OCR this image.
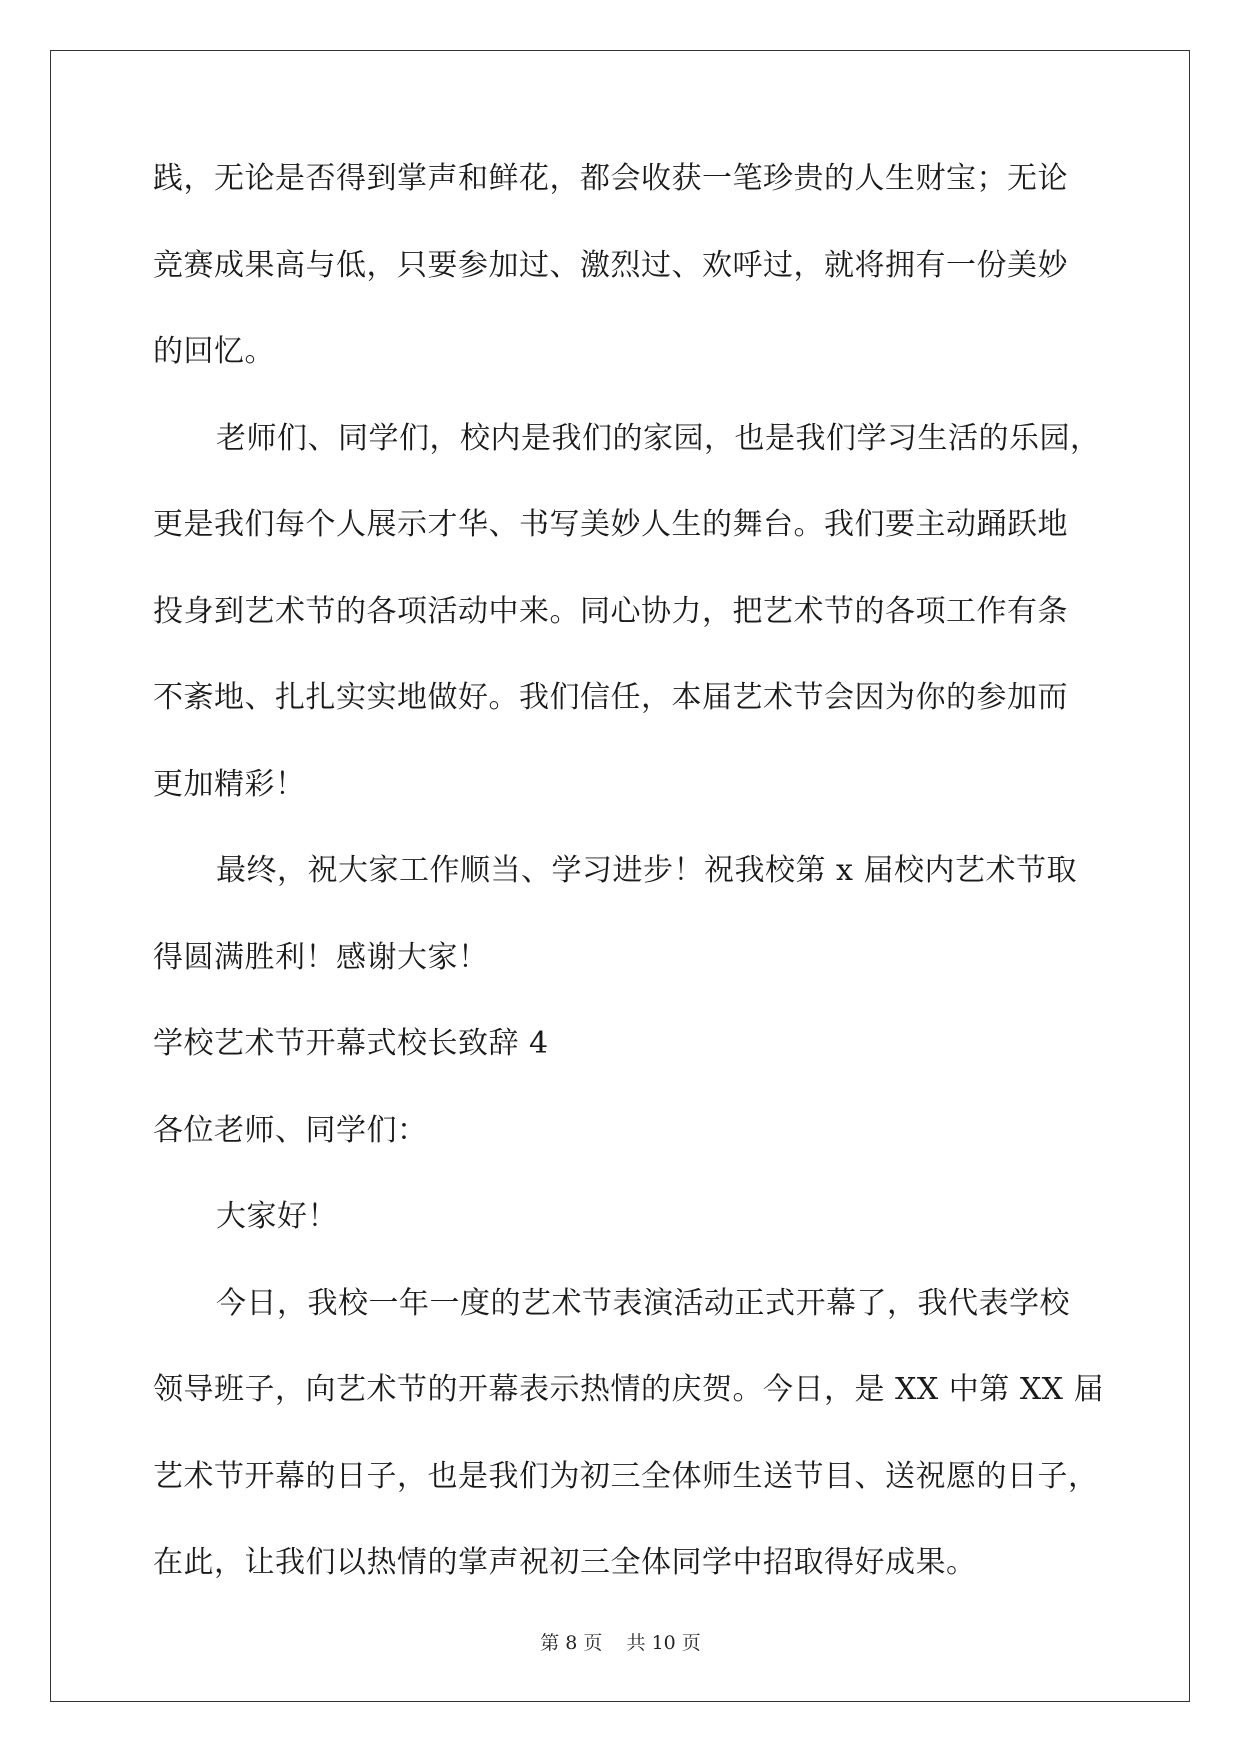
践，无论是否得到掌声和鲜花，都会收获一笔珍贵的人生财宝；无论
竞赛成果高与低，只要参加过、激烈过、欢呼过，就将拥有一份美妙
的回忆。
老师们、同学们，校内是我们的家园，也是我们学习生活的乐园，
更是我们每个人展示才华、书写美妙人生的舞台。我们要主动踊跃地
投身到艺术节的各项活动中来。同心协力，把艺术节的各项工作有条
不紊地、扎扎实实地做好。我们信任，本届艺术节会因为你的参加而
更加精彩！
最终，祝大家工作顺当、学习进步！祝我校第 x 届校内艺术节取
得圆满胜利！感谢大家！
学校艺术节开幕式校长致辞 4
各位老师、同学们：
大家好！
今日，我校一年一度的艺术节表演活动正式开幕了，我代表学校
领导班子，向艺术节的开幕表示热情的庆贺。今日，是 XX 中第 XX 届
艺术节开幕的日子，也是我们为初三全体师生送节目、送祝愿的日子，
在此，让我们以热情的掌声祝初三全体同学中招取得好成果。
第 8 页    共 10 页
